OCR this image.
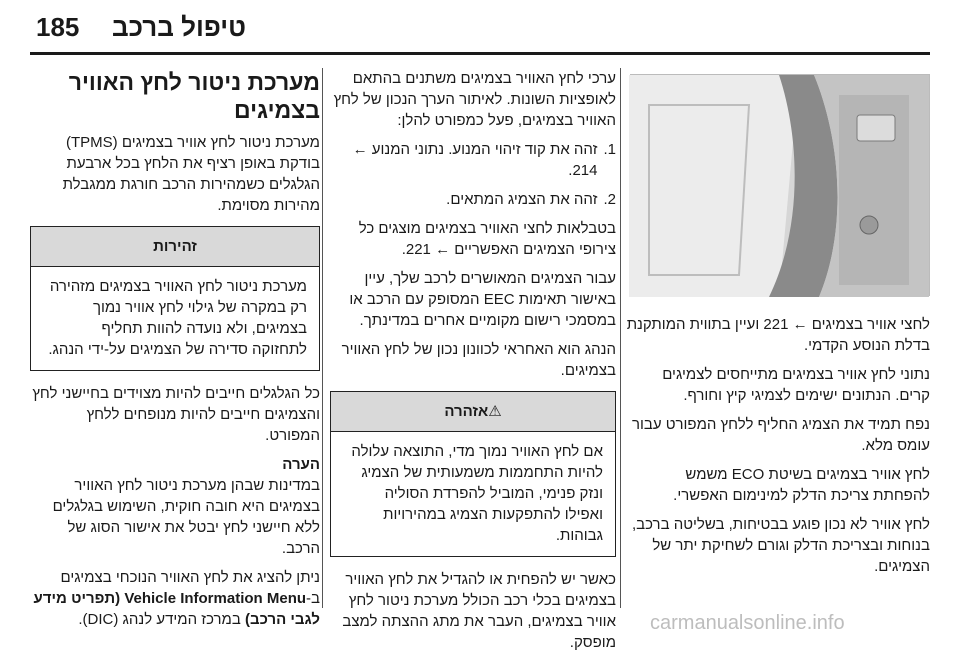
185 טיפול ברכב

לחצי אוויר בצמיגים ← 221 ועיין בתווית המותקנת בדלת הנוסע הקדמי.

נתוני לחץ אוויר בצמיגים מתייחסים לצמיגים קרים. הנתונים ישימים לצמיגי קיץ וחורף.

נפח תמיד את הצמיג החליף ללחץ המפורט עבור עומס מלא.

לחץ אוויר בצמיגים בשיטת ECO משמש להפחתת צריכת הדלק למינימום האפשרי.

לחץ אוויר לא נכון פוגע בבטיחות, בשליטה ברכב, בנוחות ובצריכת הדלק וגורם לשחיקת יתר של הצמיגים.

ערכי לחץ האוויר בצמיגים משתנים בהתאם לאופציות השונות. לאיתור הערך הנכון של לחץ האוויר בצמיגים, פעל כמפורט להלן:

1.
זהה את קוד זיהוי המנוע. נתוני המנוע ← 214.
2.
זהה את הצמיג המתאים.

בטבלאות לחצי האוויר בצמיגים מוצגים כל צירופי הצמיגים האפשריים ← 221.

עבור הצמיגים המאושרים לרכב שלך, עיין באישור תאימות EEC המסופק עם הרכב או במסמכי רישום מקומיים אחרים במדינתך.

הנהג הוא האחראי לכוונון נכון של לחץ האוויר בצמיגים.

⚠אזהרה

אם לחץ האוויר נמוך מדי, התוצאה עלולה להיות התחממות משמעותית של הצמיג ונזק פנימי, המוביל להפרדת הסוליה ואפילו להתפקעות הצמיג במהירויות גבוהות.

כאשר יש להפחית או להגדיל את לחץ האוויר בצמיגים בכלי רכב הכולל מערכת ניטור לחץ אוויר בצמיגים, העבר את מתג ההצתה למצב מופסק.

מערכת ניטור לחץ האוויר בצמיגים

מערכת ניטור לחץ אוויר בצמיגים (TPMS) בודקת באופן רציף את הלחץ בכל ארבעת הגלגלים כשמהירות הרכב חורגת ממגבלת מהירות מסוימת.

זהירות

מערכת ניטור לחץ האוויר בצמיגים מזהירה רק במקרה של גילוי לחץ אוויר נמוך בצמיגים, ולא נועדה להוות תחליף לתחזוקה סדירה של הצמיגים על-ידי הנהג.

כל הגלגלים חייבים להיות מצוידים בחיישני לחץ והצמיגים חייבים להיות מנופחים ללחץ המפורט.

הערה

במדינות שבהן מערכת ניטור לחץ האוויר בצמיגים היא חובה חוקית, השימוש בגלגלים ללא חיישני לחץ יבטל את אישור הסוג של הרכב.

ניתן להציג את לחץ האוויר הנוכחי בצמיגים ב-Vehicle Information Menu (תפריט מידע לגבי הרכב) במרכז המידע לנהג (DIC).	carmanualsonline.info
